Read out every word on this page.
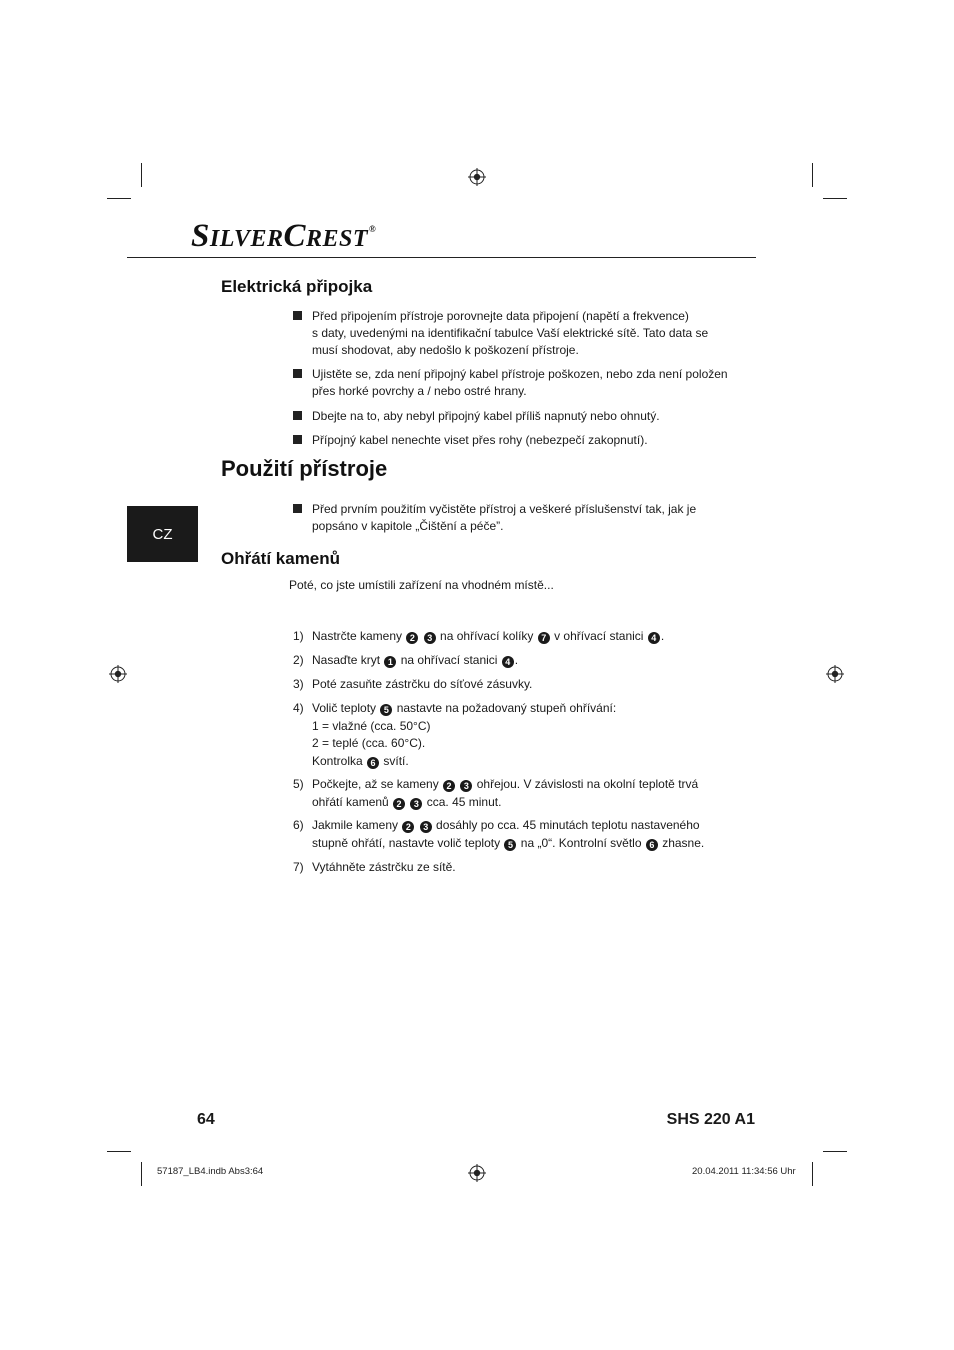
S ILVER C REST ®
CZ
Elektrická připojka
Před připojením přístroje porovnejte data připojení (napětí a frekvence)
s daty, uvedenými na identifikační tabulce Vaší elektrické sítě. Tato data se
musí shodovat, aby nedošlo k poškození přístroje.
Ujistěte se, zda není připojný kabel přístroje poškozen, nebo zda není položen
přes horké povrchy a / nebo ostré hrany.
Dbejte na to, aby nebyl připojný kabel příliš napnutý nebo ohnutý.
Přípojný kabel nenechte viset přes rohy (nebezpečí zakopnutí).
Použití přístroje
Před prvním použitím vyčistěte přístroj a veškeré příslušenství tak, jak je
popsáno v kapitole „Čištění a péče”.
Ohřátí kamenů
Poté, co jste umístili zařízení na vhodném místě...
1) Nastrčte kameny 2 3 na ohřívací kolíky 7 v ohřívací stanici 4 .
2) Nasaďte kryt 1 na ohřívací stanici 4 .
3) Poté zasuňte zástrčku do síťové zásuvky.
4) Volič teploty 5 nastavte na požadovaný stupeň ohřívání:
1 = vlažné (cca. 50°C)
2 = teplé (cca. 60°C).
Kontrolka 6 svítí.
5) Počkejte, až se kameny 2 3 ohřejou. V závislosti na okolní teplotě trvá
ohřátí kamenů 2 3 cca. 45 minut.
6) Jakmile kameny 2 3 dosáhly po cca. 45 minutách teplotu nastaveného
stupně ohřátí, nastavte volič teploty 5 na „0“. Kontrolní světlo 6 zhasne.
7) Vytáhněte zástrčku ze sítě.
64	SHS 220 A1
57187_LB4.indb Abs3:64	20.04.2011 11:34:56 Uhr
